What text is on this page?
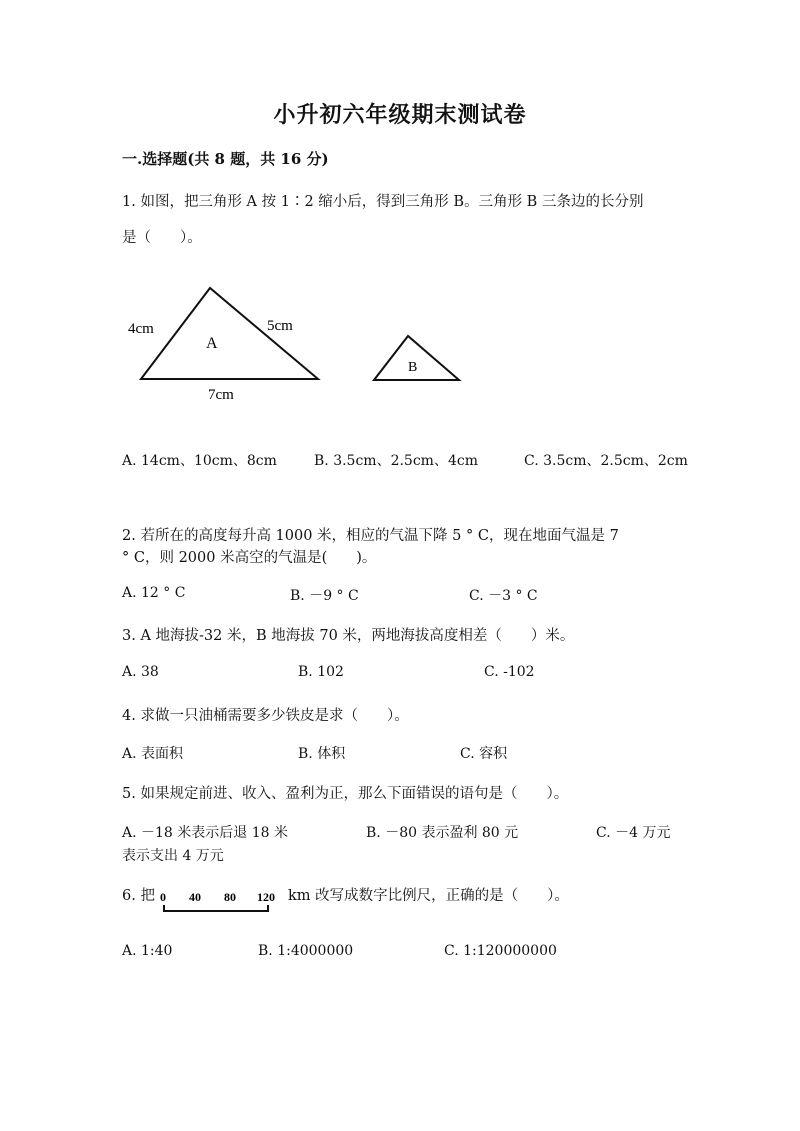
小升初六年级期末测试卷
一.选择题(共 8 题，共 16 分)
1. 如图，把三角形 A 按 1∶2 缩小后，得到三角形 B。三角形 B 三条边的长分别
是（　　）。
4cm	5cm
7cm
A
B
A. 14cm、10cm、8cm	B. 3.5cm、2.5cm、4cm	C. 3.5cm、2.5cm、2cm
2. 若所在的高度每升高 1000 米，相应的气温下降 5 ° C，现在地面气温是 7
° C，则 2000 米高空的气温是(　　)。
A. 12 ° C	B. －9 ° C	C. －3 ° C
3. A 地海拔-32 米，B 地海拔 70 米，两地海拔高度相差（　　）米。
A. 38	B. 102	C. -102
4. 求做一只油桶需要多少铁皮是求（　　）。
A. 表面积	B. 体积	C. 容积
5. 如果规定前进、收入、盈利为正，那么下面错误的语句是（　　）。
A. －18 米表示后退 18 米	B. －80 表示盈利 80 元	C. －4 万元
表示支出 4 万元
6. 把 0 40 80 120 km 改写成数字比例尺，正确的是（　　）。
A. 1:40	B. 1:4000000	C. 1:120000000
